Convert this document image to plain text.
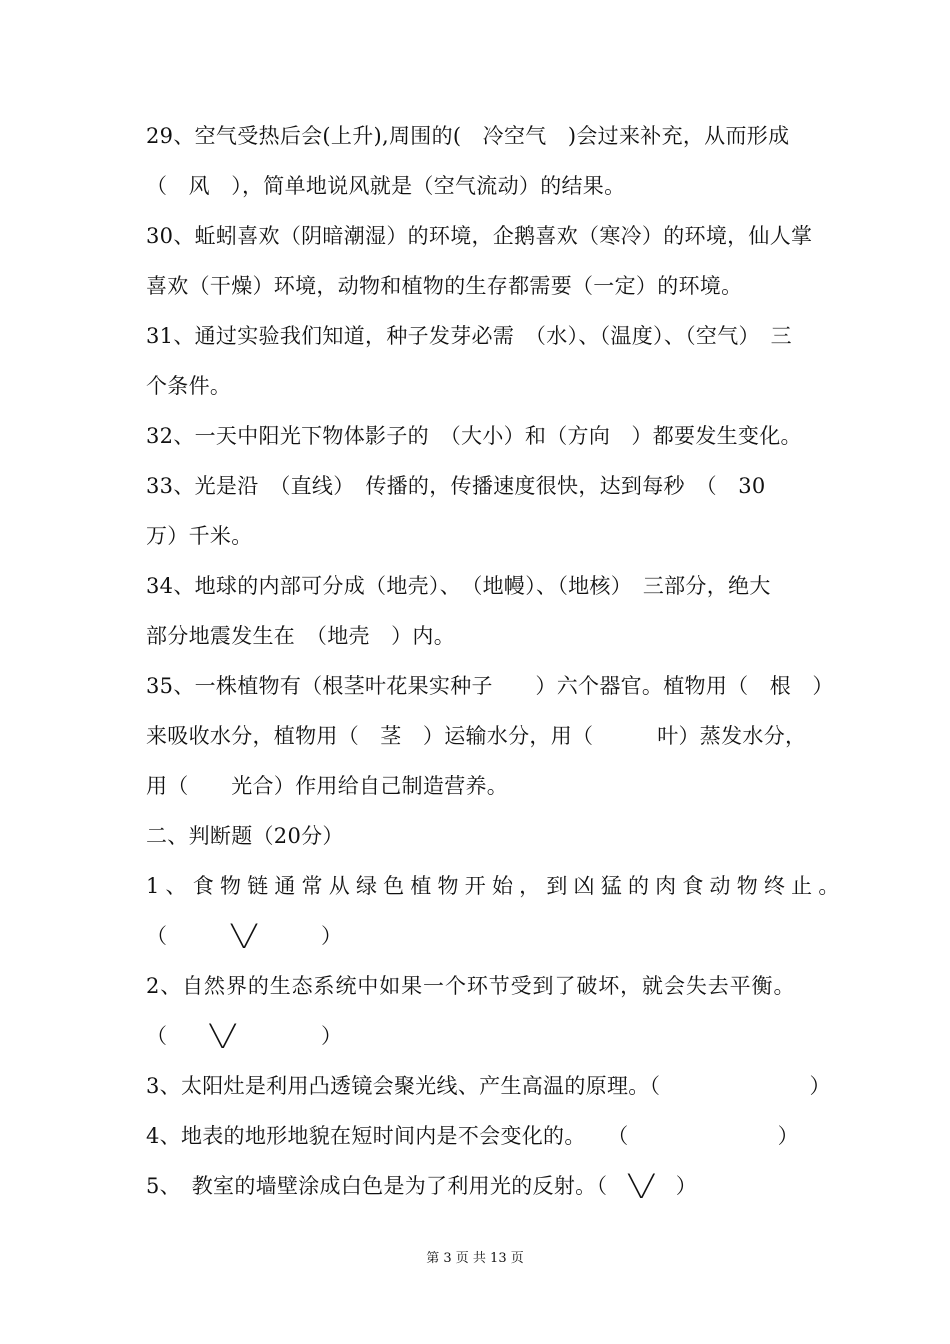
29、空气受热后会(上升),周围的(　冷空气　)会过来补充，从而形成
（　风　），简单地说风就是（空气流动）的结果。
30、蚯蚓喜欢（阴暗潮湿）的环境，企鹅喜欢（寒冷）的环境，仙人掌
喜欢（干燥）环境，动物和植物的生存都需要（一定）的环境。
31、通过实验我们知道，种子发芽必需　（水）、（温度）、（空气）　三
个条件。
32、一天中阳光下物体影子的　（大小）和（方向　）都要发生变化。
33、光是沿　（直线）　传播的，传播速度很快，达到每秒　（　30
万）千米。
34、地球的内部可分成（地壳）、　（地幔）、（地核）　三部分，绝大
部分地震发生在　（地壳　）内。
35、一株植物有（根茎叶花果实种子　　）六个器官。植物用（　根　）
来吸收水分，植物用（　茎　）运输水分，用（　　　叶）蒸发水分，
用（　　光合）作用给自己制造营养。
二、判断题（20分）
1、食物链通常从绿色植物开始，到凶猛的肉食动物终止。
（　　　╲╱　　　）
2、自然界的生态系统中如果一个环节受到了破坏，就会失去平衡。
（　　╲╱　　　　）
3、太阳灶是利用凸透镜会聚光线、产生高温的原理。（　　　　　　　）
4、地表的地形地貌在短时间内是不会变化的。　　（　　　　　　　）
5、　教室的墙壁涂成白色是为了利用光的反射。（　╲╱　）
第 3 页 共 13 页
